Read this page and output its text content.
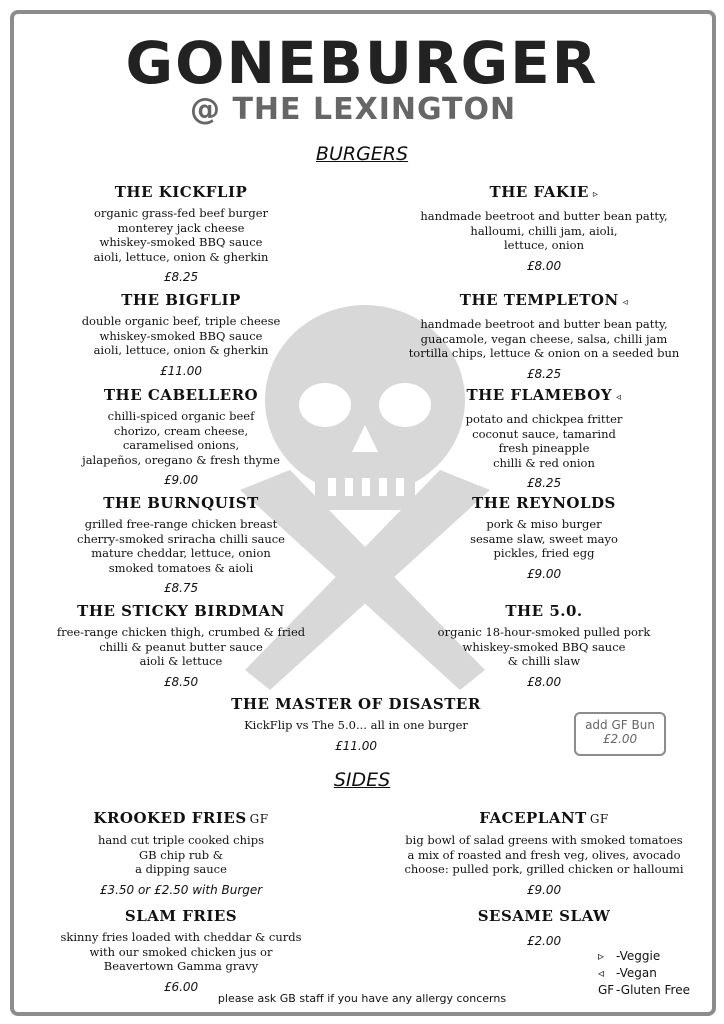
GONEBURGER
@ THE LEXINGTON
BURGERS
THE KICKFLIP
organic grass-fed beef burger
monterey jack cheese
whiskey-smoked BBQ sauce
aioli, lettuce, onion & gherkin
£8.25
THE FAKIE ▹
handmade beetroot and butter bean patty,
halloumi, chilli jam, aioli,
lettuce, onion
£8.00
THE BIGFLIP
double organic beef, triple cheese
whiskey-smoked BBQ sauce
aioli, lettuce, onion & gherkin
£11.00
THE TEMPLETON ◃
handmade beetroot and butter bean patty,
guacamole, vegan cheese, salsa, chilli jam
tortilla chips, lettuce & onion on a seeded bun
£8.25
THE CABELLERO
chilli-spiced organic beef
chorizo, cream cheese,
caramelised onions,
jalapeños, oregano & fresh thyme
£9.00
THE FLAMEBOY ◃
potato and chickpea fritter
coconut sauce, tamarind
fresh pineapple
chilli & red onion
£8.25
THE BURNQUIST
grilled free-range chicken breast
cherry-smoked sriracha chilli sauce
mature cheddar, lettuce, onion
smoked tomatoes & aioli
£8.75
THE REYNOLDS
pork & miso burger
sesame slaw, sweet mayo
pickles, fried egg
£9.00
THE STICKY BIRDMAN
free-range chicken thigh, crumbed & fried
chilli & peanut butter sauce
aioli & lettuce
£8.50
THE 5.0.
organic 18-hour-smoked pulled pork
whiskey-smoked BBQ sauce
& chilli slaw
£8.00
THE MASTER OF DISASTER
KickFlip vs The 5.0... all in one burger
£11.00
add GF Bun
£2.00
SIDES
KROOKED FRIES GF
hand cut triple cooked chips
GB chip rub &
a dipping sauce
£3.50 or £2.50 with Burger
FACEPLANT GF
big bowl of salad greens with smoked tomatoes
a mix of roasted and fresh veg, olives, avocado
choose: pulled pork, grilled chicken or halloumi
£9.00
SLAM FRIES
skinny fries loaded with cheddar & curds
with our smoked chicken jus or
Beavertown Gamma gravy
£6.00
SESAME SLAW
£2.00
▹ -Veggie
◃ -Vegan
GF -Gluten Free
please ask GB staff if you have any allergy concerns
